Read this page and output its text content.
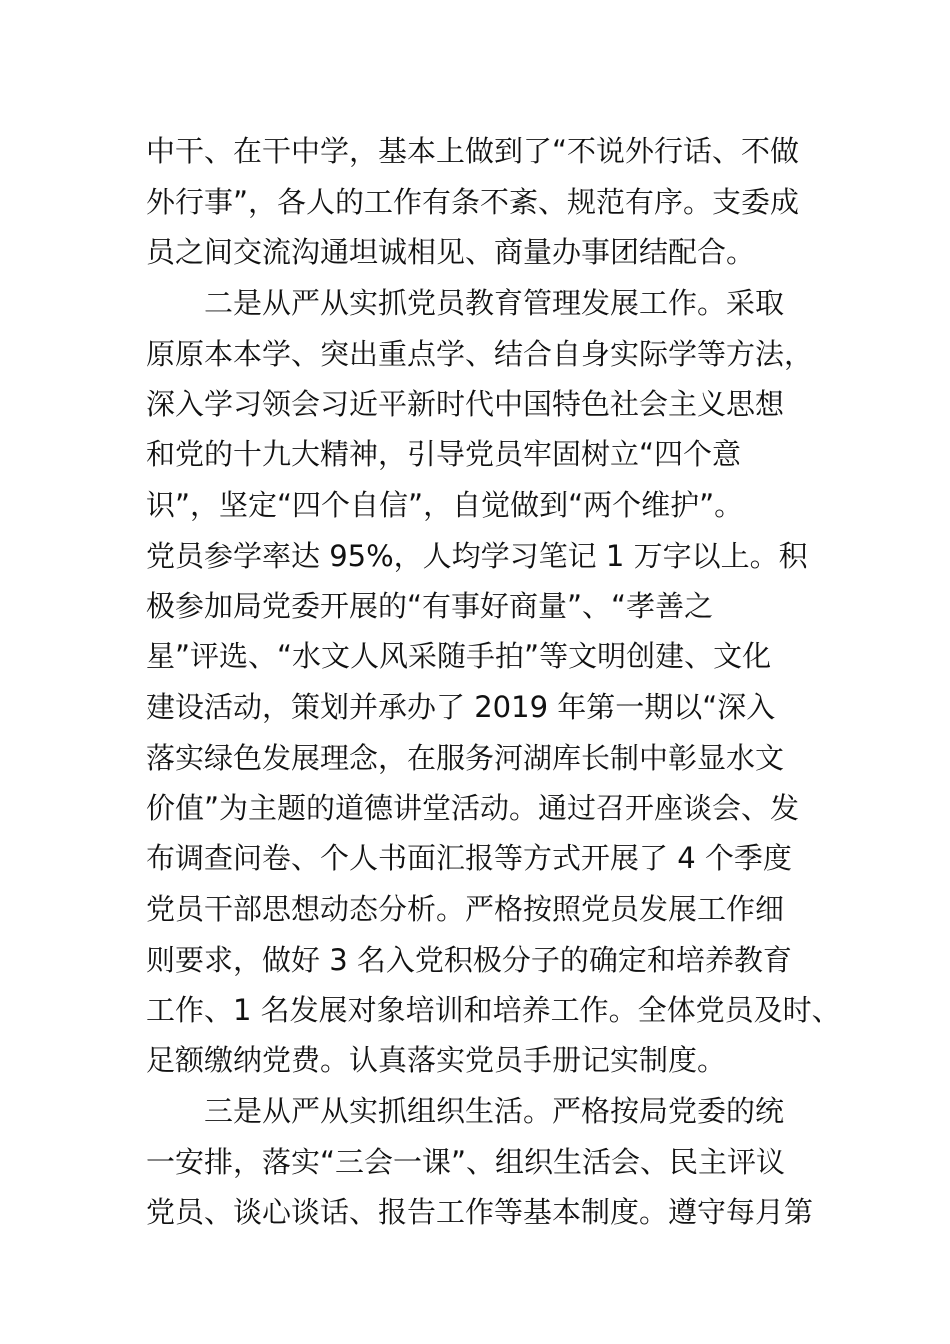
中干、在干中学，基本上做到了“不说外行话、不做
外行事”，各人的工作有条不紊、规范有序。支委成
员之间交流沟通坦诚相见、商量办事团结配合。
二是从严从实抓党员教育管理发展工作。采取
原原本本学、突出重点学、结合自身实际学等方法，
深入学习领会习近平新时代中国特色社会主义思想
和党的十九大精神，引导党员牢固树立“四个意
识”，坚定“四个自信”，自觉做到“两个维护”。
党员参学率达 95%，人均学习笔记 1 万字以上。积
极参加局党委开展的“有事好商量”、“孝善之
星”评选、“水文人风采随手拍”等文明创建、文化
建设活动，策划并承办了 2019 年第一期以“深入
落实绿色发展理念，在服务河湖库长制中彰显水文
价值”为主题的道德讲堂活动。通过召开座谈会、发
布调查问卷、个人书面汇报等方式开展了 4 个季度
党员干部思想动态分析。严格按照党员发展工作细
则要求，做好 3 名入党积极分子的确定和培养教育
工作、1 名发展对象培训和培养工作。全体党员及时、
足额缴纳党费。认真落实党员手册记实制度。
三是从严从实抓组织生活。严格按局党委的统
一安排，落实“三会一课”、组织生活会、民主评议
党员、谈心谈话、报告工作等基本制度。遵守每月第
